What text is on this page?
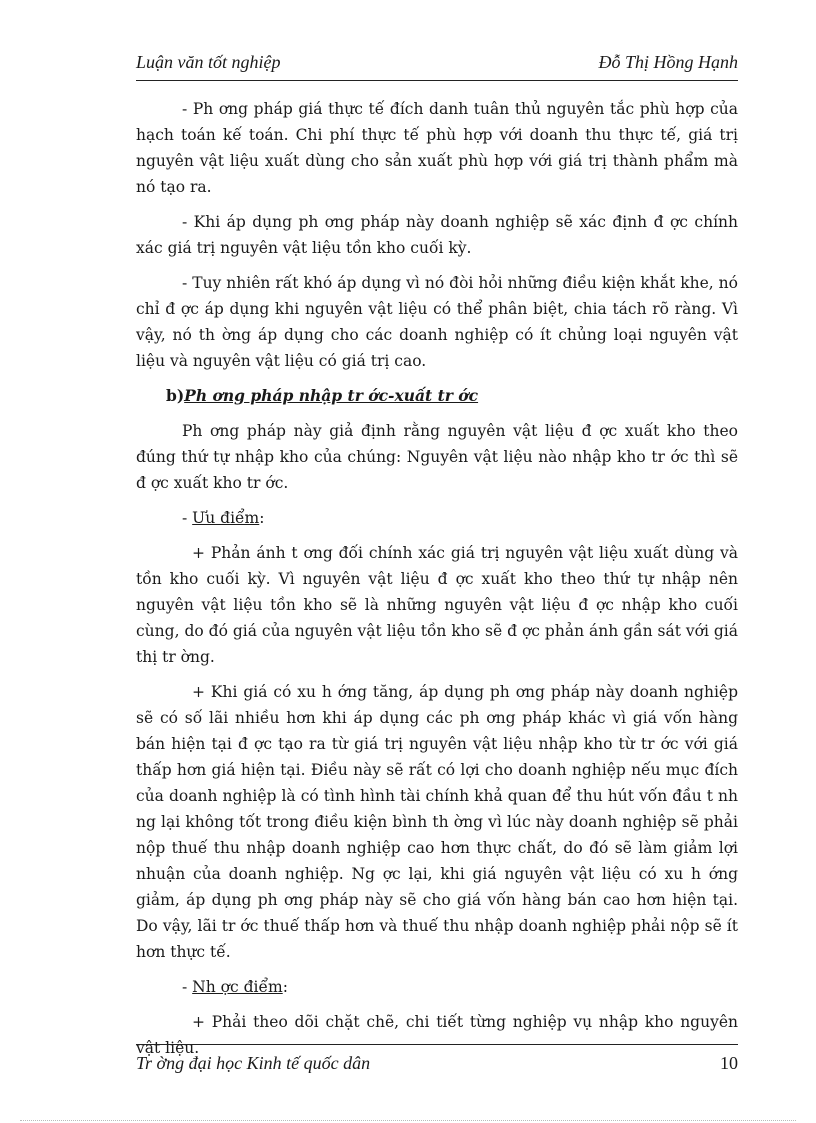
Luận văn tốt nghiệp	Đỗ Thị Hồng Hạnh

- Ph ơng pháp giá thực tế đích danh tuân thủ nguyên tắc phù hợp của hạch toán kế toán. Chi phí thực tế phù hợp với doanh thu thực tế, giá trị nguyên vật liệu xuất dùng cho sản xuất phù hợp với giá trị thành phẩm mà nó tạo ra.

- Khi áp dụng ph ơng pháp này doanh nghiệp sẽ xác định đ ợc chính xác giá trị nguyên vật liệu tồn kho cuối kỳ.

- Tuy nhiên rất khó áp dụng vì nó đòi hỏi những điều kiện khắt khe, nó chỉ đ ợc áp dụng khi nguyên vật liệu có thể phân biệt, chia tách rõ ràng. Vì vậy, nó th ờng áp dụng cho các doanh nghiệp có ít chủng loại nguyên vật liệu và nguyên vật liệu có giá trị cao.

b)Ph ơng pháp nhập tr ớc-xuất tr ớc

Ph ơng pháp này giả định rằng nguyên vật liệu đ ợc xuất kho theo đúng thứ tự nhập kho của chúng: Nguyên vật liệu nào nhập kho tr ớc thì sẽ đ ợc xuất kho tr ớc.

- Ưu điểm:

+ Phản ánh t ơng đối chính xác giá trị nguyên vật liệu xuất dùng và tồn kho cuối kỳ. Vì nguyên vật liệu đ ợc xuất kho theo thứ tự nhập nên nguyên vật liệu tồn kho sẽ là những nguyên vật liệu đ ợc nhập kho cuối cùng, do đó giá của nguyên vật liệu tồn kho sẽ đ ợc phản ánh gần sát với giá thị tr ờng.

+ Khi giá có xu h ớng tăng, áp dụng ph ơng pháp này doanh nghiệp sẽ có số lãi nhiều hơn khi áp dụng các ph ơng pháp khác vì giá vốn hàng bán hiện tại đ ợc tạo ra từ giá trị nguyên vật liệu nhập kho từ tr ớc với giá thấp hơn giá hiện tại. Điều này sẽ rất có lợi cho doanh nghiệp nếu mục đích của doanh nghiệp là có tình hình tài chính khả quan để thu hút vốn đầu t nh ng lại không tốt trong điều kiện bình th ờng vì lúc này doanh nghiệp sẽ phải nộp thuế thu nhập doanh nghiệp cao hơn thực chất, do đó sẽ làm giảm lợi nhuận của doanh nghiệp. Ng ợc lại, khi giá nguyên vật liệu có xu h ớng giảm, áp dụng ph ơng pháp này sẽ cho giá vốn hàng bán cao hơn hiện tại. Do vậy, lãi tr ớc thuế thấp hơn và thuế thu nhập doanh nghiệp phải nộp sẽ ít hơn thực tế.

- Nh ợc điểm:

+ Phải theo dõi chặt chẽ, chi tiết từng nghiệp vụ nhập kho nguyên vật liệu.

Tr ờng đại học Kinh tế quốc dân	10
